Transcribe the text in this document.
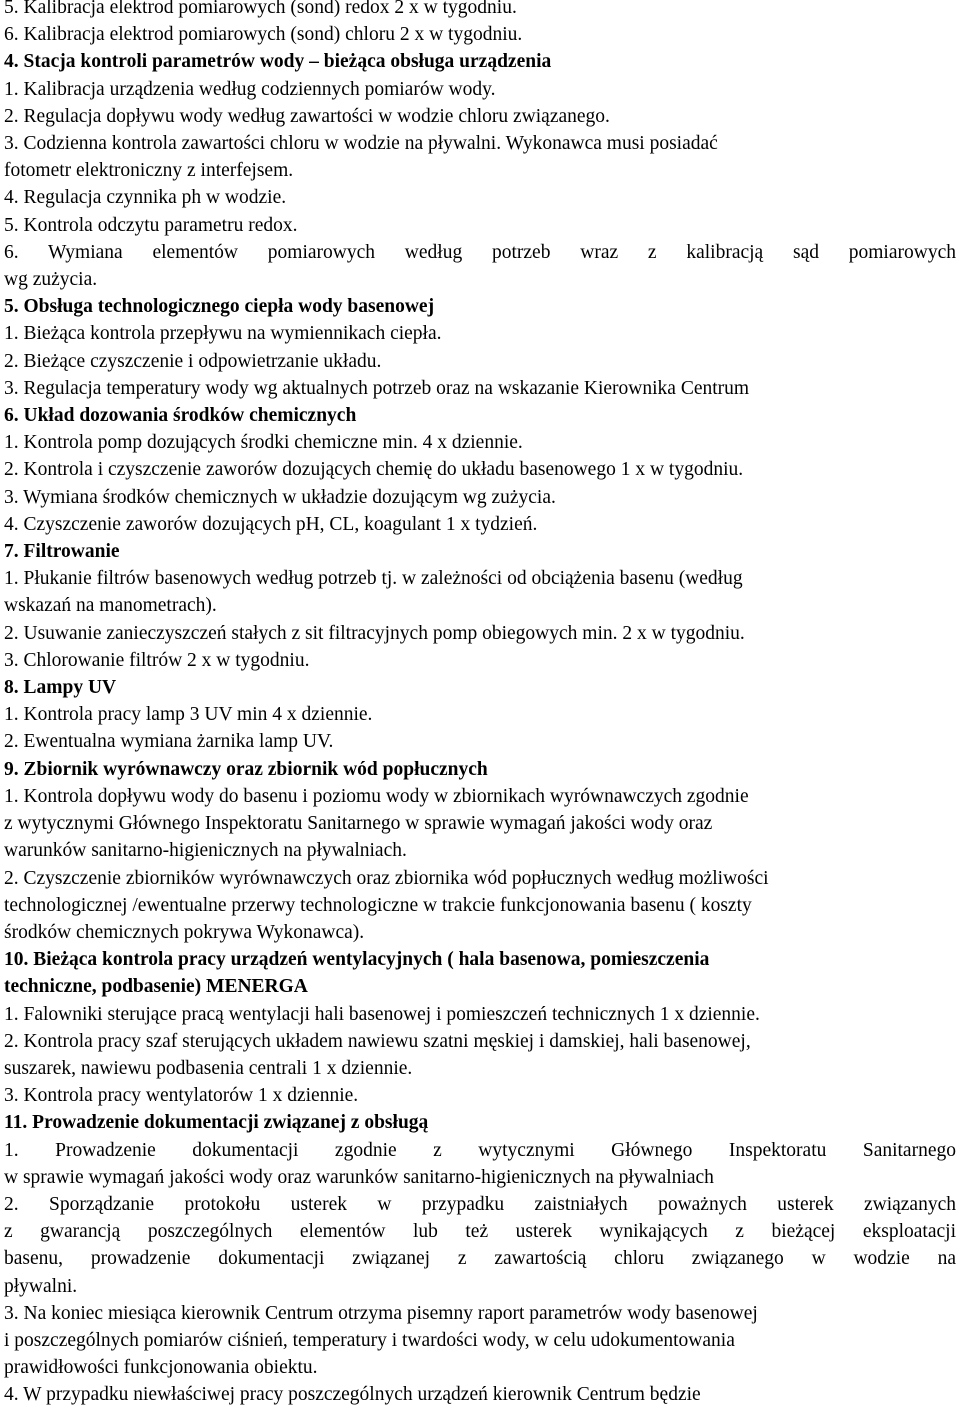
5. Kalibracja elektrod pomiarowych (sond) redox 2 x w tygodniu.
6. Kalibracja elektrod pomiarowych (sond) chloru 2 x w tygodniu.
4. Stacja kontroli parametrów wody – bieżąca obsługa urządzenia
1. Kalibracja urządzenia według codziennych pomiarów wody.
2. Regulacja dopływu wody według zawartości w wodzie chloru związanego.
3. Codzienna kontrola zawartości chloru w wodzie na pływalni. Wykonawca musi posiadać
fotometr elektroniczny z interfejsem.
4. Regulacja czynnika ph w wodzie.
5. Kontrola odczytu parametru redox.
6. Wymiana elementów pomiarowych według potrzeb wraz z kalibracją sąd pomiarowych
wg zużycia.
5. Obsługa technologicznego ciepła wody basenowej
1. Bieżąca kontrola przepływu na wymiennikach ciepła.
2. Bieżące czyszczenie i odpowietrzanie układu.
3. Regulacja temperatury wody wg aktualnych potrzeb oraz na wskazanie Kierownika Centrum
6. Układ dozowania środków chemicznych
1. Kontrola pomp dozujących środki chemiczne min. 4 x dziennie.
2. Kontrola i czyszczenie zaworów dozujących chemię do układu basenowego 1 x w tygodniu.
3. Wymiana środków chemicznych w układzie dozującym wg zużycia.
4. Czyszczenie zaworów dozujących pH, CL, koagulant 1 x tydzień.
7. Filtrowanie
1. Płukanie filtrów basenowych według potrzeb tj. w zależności od obciążenia basenu (według
wskazań na manometrach).
2. Usuwanie zanieczyszczeń stałych z sit filtracyjnych pomp obiegowych min. 2 x w tygodniu.
3. Chlorowanie filtrów 2 x w tygodniu.
8. Lampy UV
1. Kontrola pracy lamp 3 UV min 4 x dziennie.
2. Ewentualna wymiana żarnika lamp UV.
9. Zbiornik wyrównawczy oraz zbiornik wód popłucznych
1. Kontrola dopływu wody do basenu i poziomu wody w zbiornikach wyrównawczych zgodnie
z wytycznymi Głównego Inspektoratu Sanitarnego w sprawie wymagań jakości wody oraz
warunków sanitarno-higienicznych na pływalniach.
2. Czyszczenie zbiorników wyrównawczych oraz zbiornika wód popłucznych według możliwości
technologicznej /ewentualne przerwy technologiczne w trakcie funkcjonowania basenu ( koszty
środków chemicznych pokrywa Wykonawca).
10. Bieżąca kontrola pracy urządzeń wentylacyjnych ( hala basenowa, pomieszczenia
techniczne, podbasenie) MENERGA
1. Falowniki sterujące pracą wentylacji hali basenowej i pomieszczeń technicznych 1 x dziennie.
2. Kontrola pracy szaf sterujących układem nawiewu szatni męskiej i damskiej, hali basenowej,
suszarek, nawiewu podbasenia centrali 1 x dziennie.
3. Kontrola pracy wentylatorów 1 x dziennie.
11. Prowadzenie dokumentacji związanej z obsługą
1. Prowadzenie dokumentacji zgodnie z wytycznymi Głównego Inspektoratu Sanitarnego
w sprawie wymagań jakości wody oraz warunków sanitarno-higienicznych na pływalniach
2. Sporządzanie protokołu usterek w przypadku zaistniałych poważnych usterek związanych
z gwarancją poszczególnych elementów lub też usterek wynikających z bieżącej eksploatacji
basenu, prowadzenie dokumentacji związanej z zawartością chloru związanego w wodzie na
pływalni.
3. Na koniec miesiąca kierownik Centrum otrzyma pisemny raport parametrów wody basenowej
i poszczególnych pomiarów ciśnień, temperatury i twardości wody, w celu udokumentowania
prawidłowości funkcjonowania obiektu.
4. W przypadku niewłaściwej pracy poszczególnych urządzeń kierownik Centrum będzie
